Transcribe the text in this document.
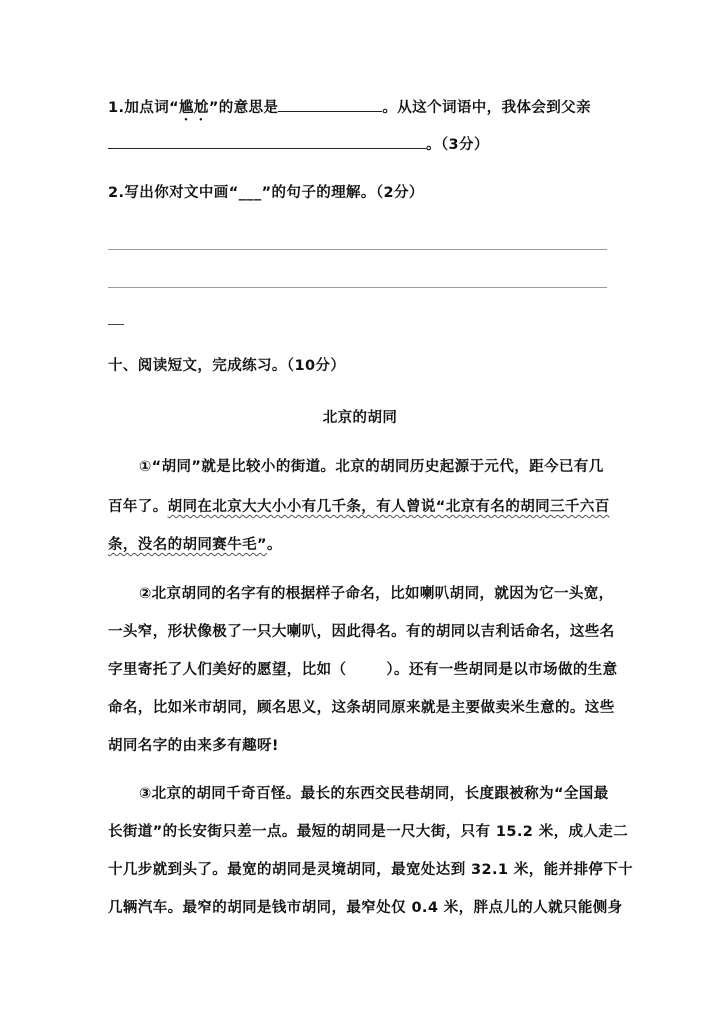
1.加点词“尴尬”的意思是	。从这个词语中，我体会到父亲
。（3分）
2.写出你对文中画“___”的句子的理解。（2分）
十、阅读短文，完成练习。（10分）
北京的胡同
①“胡同”就是比较小的街道。北京的胡同历史起源于元代，距今已有几
百年了。胡同在北京大大小小有几千条，有人曾说“北京有名的胡同三千六百
条，没名的胡同赛牛毛”。
②北京胡同的名字有的根据样子命名，比如喇叭胡同，就因为它一头宽，
一头窄，形状像极了一只大喇叭，因此得名。有的胡同以吉利话命名，这些名
字里寄托了人们美好的愿望，比如（	）。还有一些胡同是以市场做的生意
命名，比如米市胡同，顾名思义，这条胡同原来就是主要做卖米生意的。这些
胡同名字的由来多有趣呀!
③北京的胡同千奇百怪。最长的东西交民巷胡同，长度跟被称为“全国最
长街道”的长安街只差一点。最短的胡同是一尺大街，只有 15.2 米，成人走二
十几步就到头了。最宽的胡同是灵境胡同，最宽处达到 32.1 米，能并排停下十
几辆汽车。最窄的胡同是钱市胡同，最窄处仅 0.4 米，胖点儿的人就只能侧身
